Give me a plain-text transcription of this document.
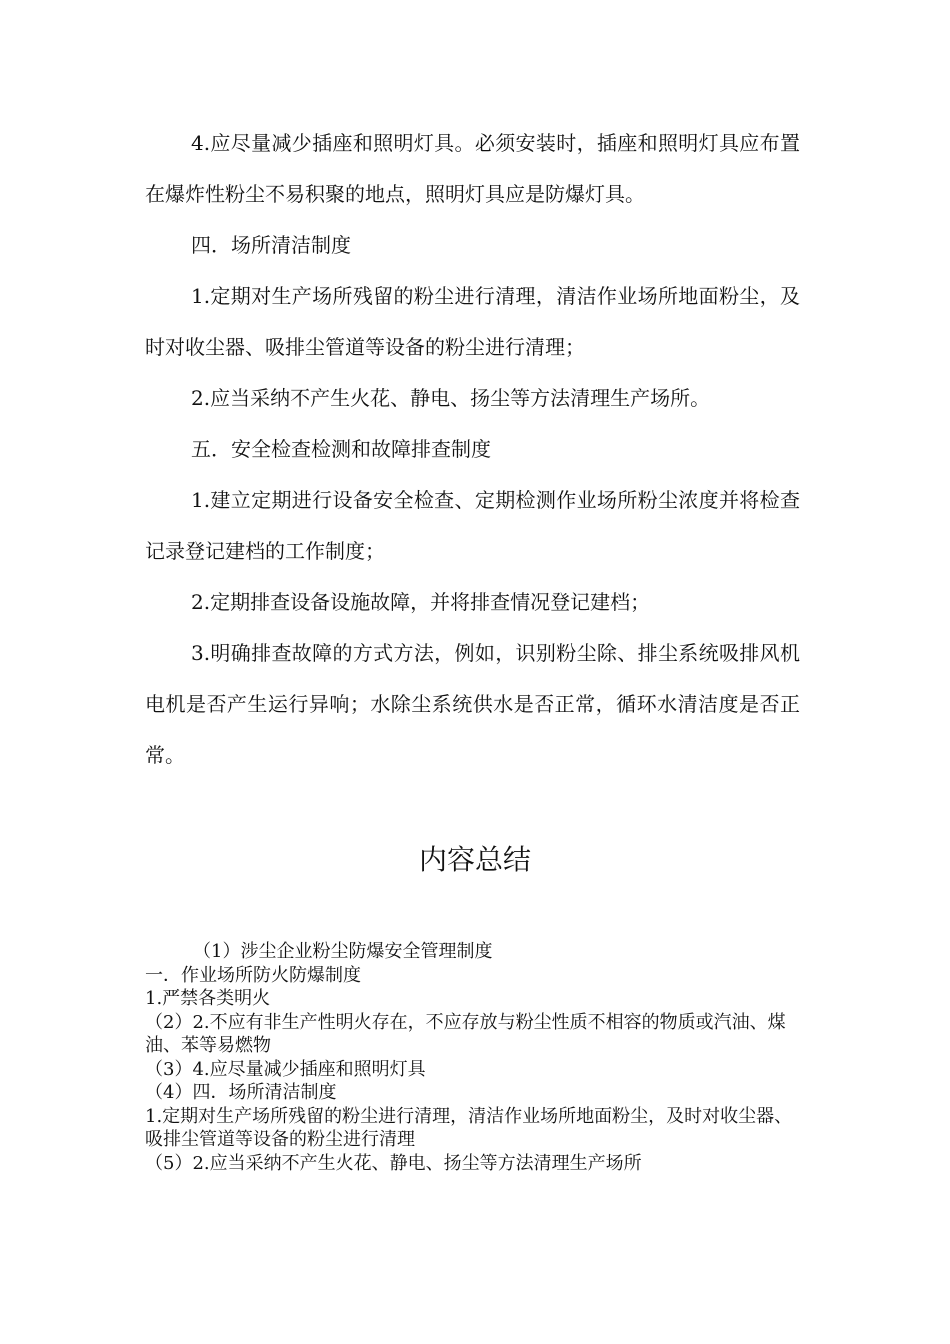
4.应尽量减少插座和照明灯具。必须安装时，插座和照明灯具应布置在爆炸性粉尘不易积聚的地点，照明灯具应是防爆灯具。

四．场所清洁制度

1.定期对生产场所残留的粉尘进行清理，清洁作业场所地面粉尘，及时对收尘器、吸排尘管道等设备的粉尘进行清理；

2.应当采纳不产生火花、静电、扬尘等方法清理生产场所。

五．安全检查检测和故障排查制度

1.建立定期进行设备安全检查、定期检测作业场所粉尘浓度并将检查记录登记建档的工作制度；

2.定期排查设备设施故障，并将排查情况登记建档；

3.明确排查故障的方式方法，例如，识别粉尘除、排尘系统吸排风机电机是否产生运行异响；水除尘系统供水是否正常，循环水清洁度是否正常。

内容总结

（1）涉尘企业粉尘防爆安全管理制度

一．作业场所防火防爆制度

1.严禁各类明火

（2）2.不应有非生产性明火存在，不应存放与粉尘性质不相容的物质或汽油、煤油、苯等易燃物

（3）4.应尽量减少插座和照明灯具

（4）四．场所清洁制度

1.定期对生产场所残留的粉尘进行清理，清洁作业场所地面粉尘，及时对收尘器、吸排尘管道等设备的粉尘进行清理

（5）2.应当采纳不产生火花、静电、扬尘等方法清理生产场所
